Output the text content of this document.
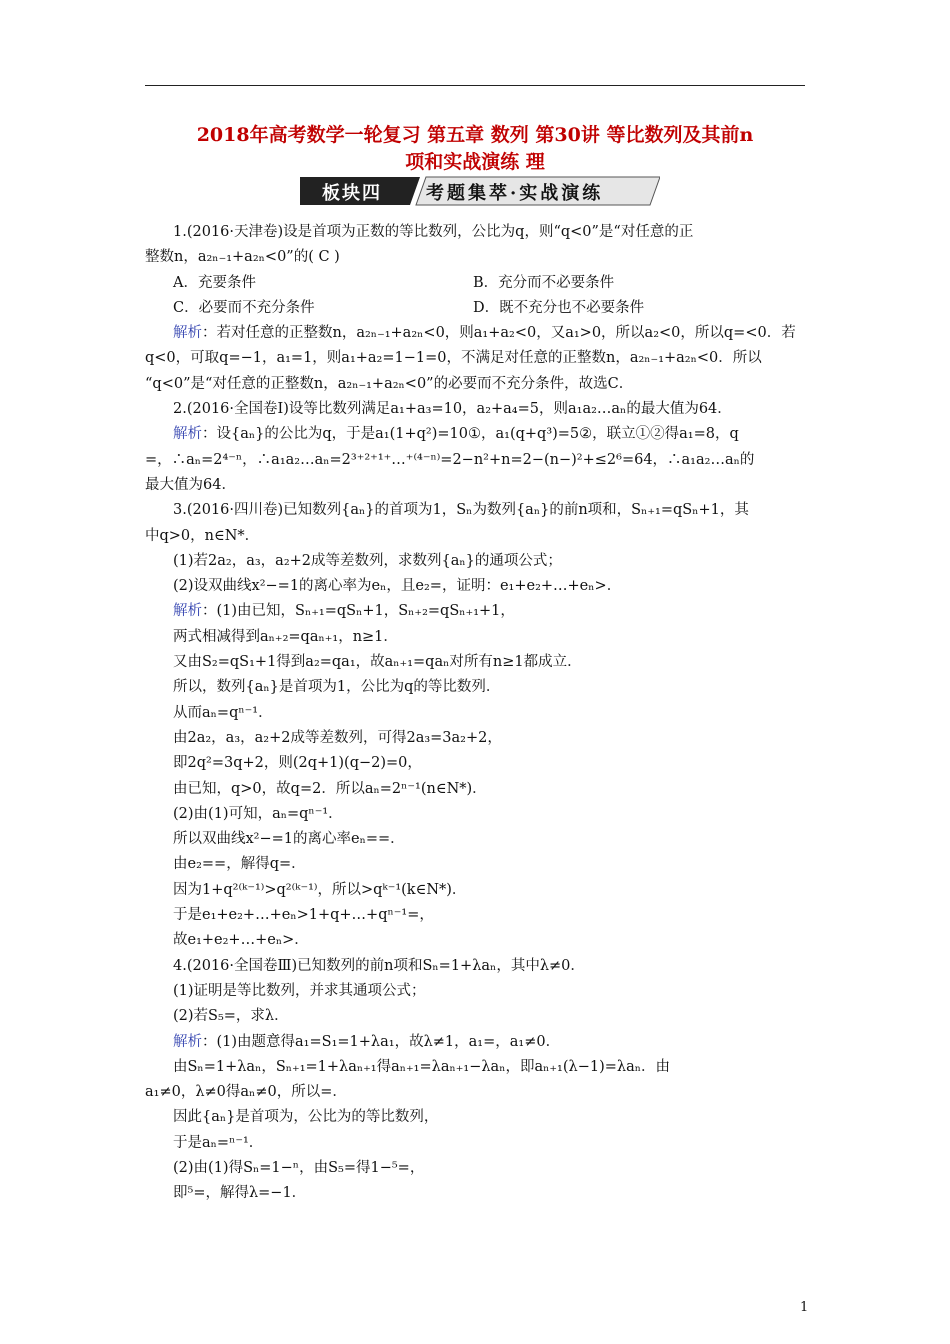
2018年高考数学一轮复习 第五章 数列 第30讲 等比数列及其前n
项和实战演练 理
板块四 考题集萃·实战演练
1.(2016·天津卷)设是首项为正数的等比数列，公比为q，则“q<0”是“对任意的正
整数n，a₂ₙ₋₁+a₂ₙ<0”的( C )
A．充要条件	B．充分而不必要条件
C．必要而不充分条件	D．既不充分也不必要条件
解析：若对任意的正整数n，a₂ₙ₋₁+a₂ₙ<0，则a₁+a₂<0，又a₁>0，所以a₂<0，所以q=<0．若
q<0，可取q=−1，a₁=1，则a₁+a₂=1−1=0，不满足对任意的正整数n，a₂ₙ₋₁+a₂ₙ<0．所以
“q<0”是“对任意的正整数n，a₂ₙ₋₁+a₂ₙ<0”的必要而不充分条件，故选C．
2.(2016·全国卷Ⅰ)设等比数列满足a₁+a₃=10，a₂+a₄=5，则a₁a₂…aₙ的最大值为64．
解析：设{aₙ}的公比为q，于是a₁(1+q²)=10①，a₁(q+q³)=5②，联立①②得a₁=8，q
=，∴aₙ=2⁴⁻ⁿ，∴a₁a₂…aₙ=2³⁺²⁺¹⁺…⁺⁽⁴⁻ⁿ⁾=2−n²+n=2−(n−)²+≤2⁶=64，∴a₁a₂…aₙ的
最大值为64．
3.(2016·四川卷)已知数列{aₙ}的首项为1，Sₙ为数列{aₙ}的前n项和，Sₙ₊₁=qSₙ+1，其
中q>0，n∈N*．
(1)若2a₂，a₃，a₂+2成等差数列，求数列{aₙ}的通项公式；
(2)设双曲线x²−=1的离心率为eₙ，且e₂=，证明：e₁+e₂+…+eₙ>．
解析：(1)由已知，Sₙ₊₁=qSₙ+1，Sₙ₊₂=qSₙ₊₁+1，
两式相减得到aₙ₊₂=qaₙ₊₁，n≥1．
又由S₂=qS₁+1得到a₂=qa₁，故aₙ₊₁=qaₙ对所有n≥1都成立．
所以，数列{aₙ}是首项为1，公比为q的等比数列．
从而aₙ=qⁿ⁻¹．
由2a₂，a₃，a₂+2成等差数列，可得2a₃=3a₂+2，
即2q²=3q+2，则(2q+1)(q−2)=0，
由已知，q>0，故q=2．所以aₙ=2ⁿ⁻¹(n∈N*)．
(2)由(1)可知，aₙ=qⁿ⁻¹．
所以双曲线x²−=1的离心率eₙ==．
由e₂==，解得q=．
因为1+q²⁽ᵏ⁻¹⁾>q²⁽ᵏ⁻¹⁾，所以>qᵏ⁻¹(k∈N*)．
于是e₁+e₂+…+eₙ>1+q+…+qⁿ⁻¹=，
故e₁+e₂+…+eₙ>．
4.(2016·全国卷Ⅲ)已知数列的前n项和Sₙ=1+λaₙ，其中λ≠0．
(1)证明是等比数列，并求其通项公式；
(2)若S₅=，求λ．
解析：(1)由题意得a₁=S₁=1+λa₁，故λ≠1，a₁=，a₁≠0．
由Sₙ=1+λaₙ，Sₙ₊₁=1+λaₙ₊₁得aₙ₊₁=λaₙ₊₁−λaₙ，即aₙ₊₁(λ−1)=λaₙ．由
a₁≠0，λ≠0得aₙ≠0，所以=．
因此{aₙ}是首项为，公比为的等比数列，
于是aₙ=ⁿ⁻¹．
(2)由(1)得Sₙ=1−ⁿ，由S₅=得1−⁵=，
即⁵=，解得λ=−1．
1
